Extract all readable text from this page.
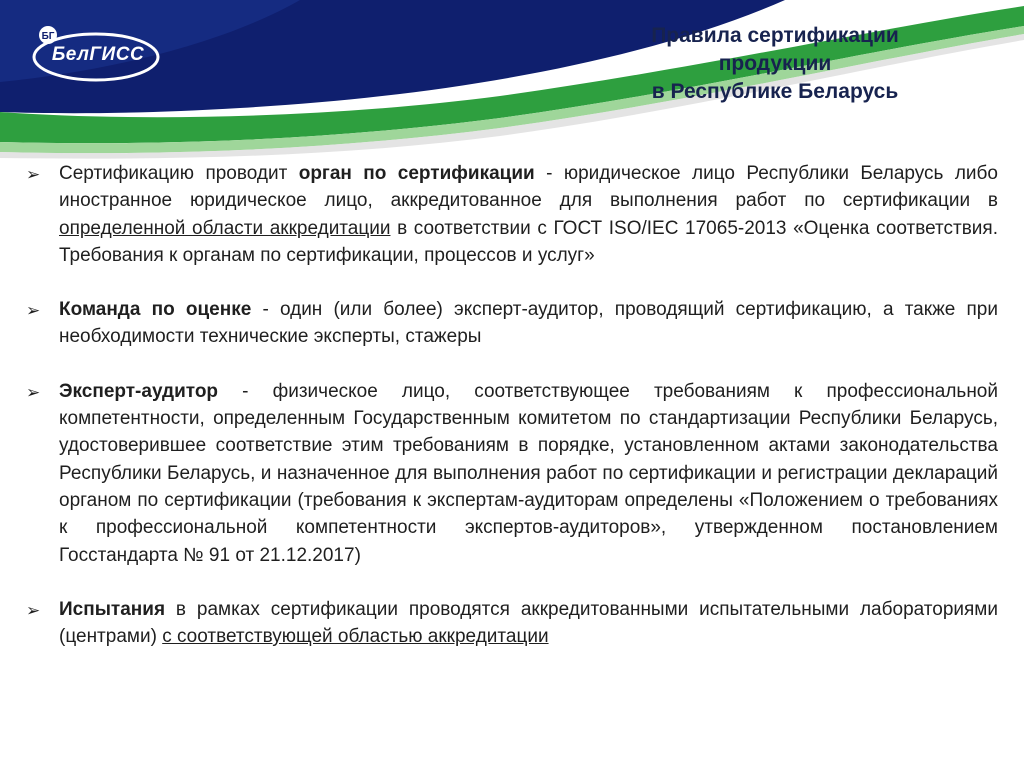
БГ
БелГИСС
Правила сертификации
продукции
в Республике Беларусь
➢ Сертификацию проводит орган по сертификации - юридическое лицо Республики Беларусь либо иностранное юридическое лицо, аккредитованное для выполнения работ по сертификации в определенной области аккредитации в соответствии с ГОСТ ISO/IEC 17065-2013 «Оценка соответствия. Требования к органам по сертификации, процессов и услуг»
➢ Команда по оценке - один (или более) эксперт-аудитор, проводящий сертификацию, а также при необходимости технические эксперты, стажеры
➢ Эксперт-аудитор - физическое лицо, соответствующее требованиям к профессиональной компетентности, определенным Государственным комитетом по стандартизации Республики Беларусь, удостоверившее соответствие этим требованиям в порядке, установленном актами законодательства Республики Беларусь, и назначенное для выполнения работ по сертификации и регистрации деклараций органом по сертификации (требования к экспертам-аудиторам определены «Положением о требованиях к профессиональной компетентности экспертов-аудиторов», утвержденном постановлением Госстандарта № 91 от 21.12.2017)
➢ Испытания в рамках сертификации проводятся аккредитованными испытательными лабораториями (центрами) с соответствующей областью аккредитации
